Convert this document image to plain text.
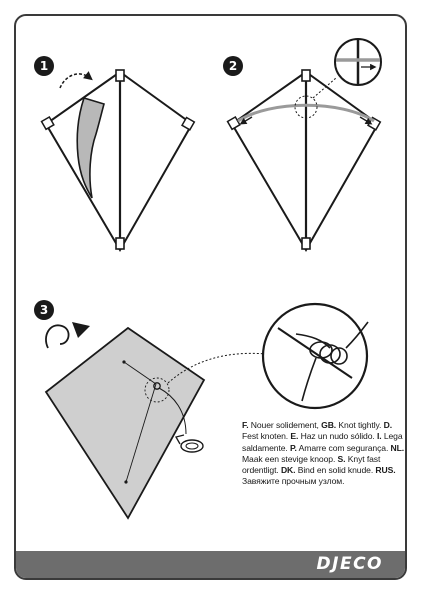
1	2
3
F. Nouer solidement, GB. Knot tightly. D. Fest knoten. E. Haz un nudo sólido. I. Lega saldamente. P. Amarre com segurança. NL. Maak een stevige knoop. S. Knyt fast ordentligt. DK. Bind en solid knude. RUS. Завяжите прочным узлом.
DJECO
